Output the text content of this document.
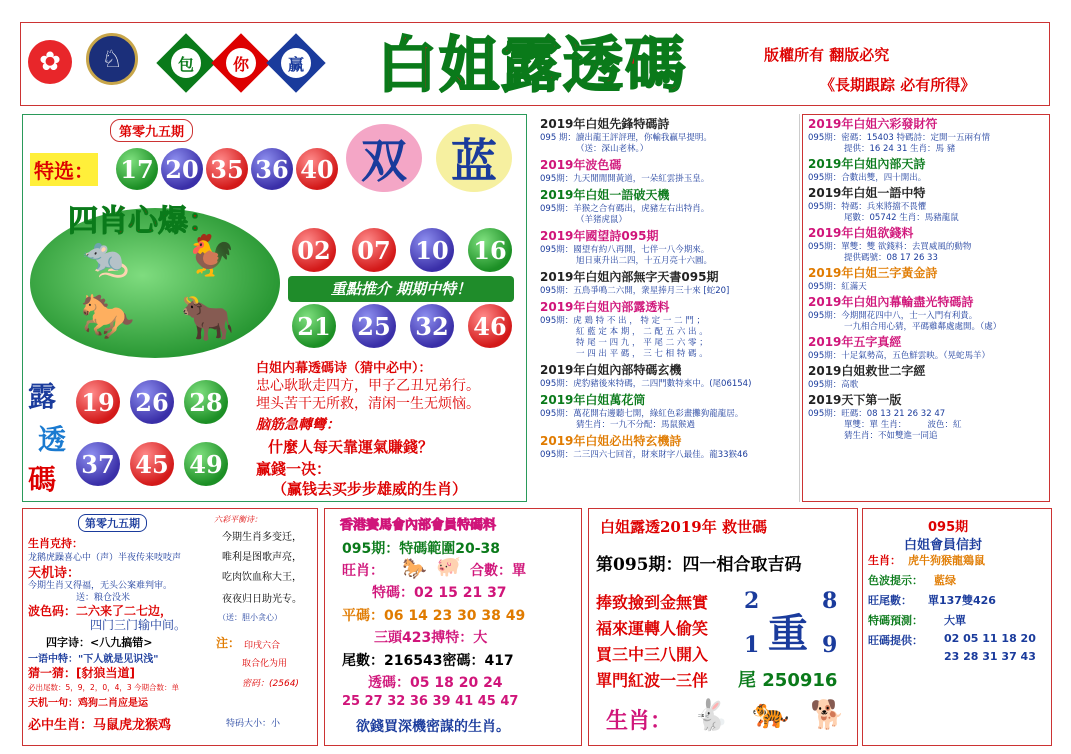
✿	♘	包	你	赢	白姐露透碼	版權所有 翻版必究
《長期跟踪 必有所得》
第零九五期
特选： 17 20 35 36 40 双 蓝
四肖心爆：
🐀 🐓
🐎 🐂
02 07 10 16
重點推介 期期中特！
21 25 32 46
露
透
碼
19 26 28
37 45 49
白姐内幕透碼诗（猜中必中）：
忠心耿耿走四方，甲子乙丑兄弟行。
埋头苦干无所救，清闲一生无烦恼。
脑筋急轉彎：
什麼人每天靠運氣賺錢？
赢錢一决：
（赢钱去买步步雄威的生肖）
2019年白姐先鋒特碼詩
095 期：讀出龍王評評理，你輸我贏早提明。
（送：深山老林。）
2019年波色碼
095期：九天閒閒開黃道，一朵紅雲掛玉皇。
2019年白姐一語破天機
095期：羊猴之合有碼出，虎豬左右出特肖。
（羊猪虎鼠）
2019年國望詩095期
095期：國望有約八再開，七伴一八今期來。
旭日東升出二四，十五月亮十六圓。
2019年白姐內部無字天書095期
095期：五鳥爭鳴二六開，衆星捧月三十來 [蛇20]
2019年白姐內部露透料
095期：虎 鶏 特 不 出 ， 特 定 一 二 門 ；
紅 藍 定 本 期 ， 二 配 五 六 出 。
特 尾 一 四 九 ， 平 尾 二 六 零 ；
一 四 出 平 碼 ， 三 七 相 特 碼 。
2019年白姐內部特碼玄機
095期：虎豹豬後來特碼，二四門數特來中。(尾06154)
2019年白姐萬花筒
095期：萬花開右邊聽七開，綠紅色彩畫攤狗龍龍居。
猜生肖：一九不分配：馬鼠猴過
2019年白姐必出特玄機詩
095期：二三四六七回首，財來財字八最佳。龍33猴46
2019年白姐六彩發財符
095期：密碼：15403 特碼詩：定開一五兩有情
提供：16 24 31 生肖：馬 豬
2019年白姐內部天詩
095期：合數出雙，四十開出。
2019年白姐一語中特
095期：特碼：兵來將擋不畏懼
尾數：05742 生肖：馬豬龍鼠
2019年白姐欲錢料
095期：單雙：雙 欲錢料：去買威風的動物
提供碼號：08 17 26 33
2019年白姐三字黃金詩
095期：紅滿天
2019年白姐內幕輪盡光特碼詩
095期：今期開花四中八，士一入門有利貴。
一九相合用心猜，平碼雞鄰處處開。（處）
2019年五字真經
095期：十足氣勢高，五色鮮雲映。（晃蛇馬羊）
2019白姐救世二字經
095期：高歌
2019天下第一版
095期：旺碼：08 13 21 26 32 47
單雙：單 生肖：　　　波色：紅
猜生肖：不如雙進一同追
第零九五期
生肖克持：
龙鹅虎躁喜心中（声）半夜传来吱吱声
天机诗：
今期生肖又得福，无头公案难判审。
送：粮仓没米
波色码：二六来了二七边，
四门三门输中间。
四字诗：<八九搞错>
一语中特："下人就是见识浅"
猜一猜：[豺狼当道]
必出尾数：5，9，2，0，4，3 今期合数：单
天机一句：鸡狗二肖应是运
必中生肖：马鼠虎龙猴鸡
六彩平衡诗：
今期生肖多变迁，
唯利是图歌声亮，
吃肉饮血称大王，
夜夜归日助光专。
（送：胆小贪心）
注： 印戌六合
取合化为用
密码：(2564)
特码大小：小
香港賽馬會內部會員特碼料
095期：特碼範圍20-38
旺肖： 🐎 🐖 合數：單
特碼：02 15 21 37
平碼：06 14 23 30 38 49
三頭423搏特：大
尾數：216543密碼：417
透碼：05 18 20 24
25 27 32 36 39 41 45 47
欲錢買深機密謀的生肖。
白姐露透2019年 救世碼
第095期：四一相合取吉码
捧致撿到金無實
福來運轉人偷笑
買三中三八開入
單門紅波一三伴
2	8
重
1	9
尾 250916
生肖： 🐇 🐅 🐕
095期
白姐會員信封
生肖： 虎牛狗猴龍鶏鼠
色波提示： 藍绿
旺尾數： 單137雙426
特碼預測： 大單
旺碼提供： 02 05 11 18 20
23 28 31 37 43
